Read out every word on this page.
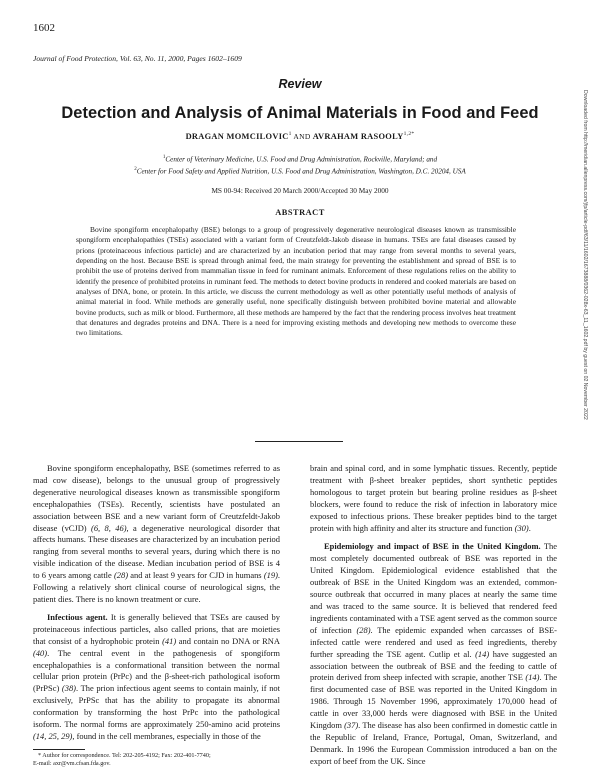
1602
Journal of Food Protection, Vol. 63, No. 11, 2000, Pages 1602–1609
Review
Detection and Analysis of Animal Materials in Food and Feed
DRAGAN MOMCILOVIC$^1$ AND AVRAHAM $RASOOLY^{1,2*}$
$^1$Center of Veterinary Medicine, U.S. Food and Drug Administration, Rockville, Maryland; and
$^2$Center for Food Safety and Applied Nutrition, U.S. Food and Drug Administration, Washington, D.C. 20204, USA
MS 00-94: Received 20 March 2000/Accepted 30 May 2000
ABSTRACT
Bovine spongiform encephalopathy (BSE) belongs to a group of progressively degenerative neurological diseases known as transmissible spongiform encephalopathies (TSEs) associated with a variant form of Creutzfeldt-Jakob disease in humans. TSEs are fatal diseases caused by prions (proteinaceous infectious particle) and are characterized by an incubation period that may range from several months to several years, depending on the host. Because BSE is spread through animal feed, the main strategy for preventing the establishment and spread of BSE is to prohibit the use of proteins derived from mammalian tissue in feed for ruminant animals. Enforcement of these regulations relies on the ability to identify the presence of prohibited proteins in ruminant feed. The methods to detect bovine products in rendered and cooked materials are based on analyses of DNA, bone, or protein. In this article, we discuss the current methodology as well as other potentially useful methods of analysis of animal material in food. While methods are generally useful, none specifically distinguish between prohibited bovine material and allowable bovine products, such as milk or blood. Furthermore, all these methods are hampered by the fact that the rendering process involves heat treatment that denatures and degrades proteins and DNA. There is a need for improving existing methods and developing new methods to overcome these two limitations.

Bovine spongiform encephalopathy, BSE (sometimes referred to as mad cow disease), belongs to the unusual group of progressively degenerative neurological diseases known as transmissible spongiform encephalopathies (TSEs). Recently, scientists have postulated an association between BSE and a new variant form of Creutzfeldt-Jakob disease (vCJD) (6, 8, 46), a degenerative neurological disorder that affects humans. These diseases are characterized by an incubation period ranging from several months to several years, during which there is no visible indication of the disease. Median incubation period of BSE is 4 to 6 years among cattle (28) and at least 9 years for CJD in humans (19). Following a relatively short clinical course of neurological signs, the patient dies. There is no known treatment or cure.

Infectious agent. It is generally believed that TSEs are caused by proteinaceous infectious particles, also called prions, that are moieties that consist of a hydrophobic protein (41) and contain no DNA or RNA (40). The central event in the pathogenesis of spongiform encephalopathies is a conformational transition between the normal cellular prion protein (PrPc) and the β-sheet-rich pathological isoform (PrPSc) (38). The prion infectious agent seems to contain mainly, if not exclusively, PrPSc that has the ability to propagate its abnormal conformation by transforming the host PrPc into the pathological isoform. The normal forms are approximately 250-amino acid proteins (14, 25, 29), found in the cell membranes, especially in those of the

brain and spinal cord, and in some lymphatic tissues. Recently, peptide treatment with β-sheet breaker peptides, short synthetic peptides homologous to target protein but bearing proline residues as β-sheet blockers, were found to reduce the risk of infection in laboratory mice exposed to infectious prions. These breaker peptides bind to the target protein with high affinity and alter its structure and function (30).

Epidemiology and impact of BSE in the United Kingdom. The most completely documented outbreak of BSE was reported in the United Kingdom. Epidemiological evidence established that the outbreak of BSE in the United Kingdom was an extended, common-source outbreak that occurred in many places at nearly the same time and was traced to the same source. It is believed that rendered feed ingredients contaminated with a TSE agent served as the common source of infection (28). The epidemic expanded when carcasses of BSE-infected cattle were rendered and used as feed ingredients, thereby further spreading the TSE agent. Cutlip et al. (14) have suggested an association between the outbreak of BSE and the feeding to cattle of protein derived from sheep infected with scrapie, another TSE (14). The first documented case of BSE was reported in the United Kingdom in 1986. Through 15 November 1996, approximately 170,000 head of cattle in over 33,000 herds were diagnosed with BSE in the United Kingdom (37). The disease has also been confirmed in domestic cattle in the Republic of Ireland, France, Portugal, Oman, Switzerland, and Denmark. In 1996 the European Commission introduced a ban on the export of beef from the UK. Since

* Author for correspondence. Tel: 202-205-4192; Fax: 202-401-7740;

E-mail: axr@vm.cfsan.fda.gov.

Downloaded from http://meridian.allenpress.com/jfp/article-pdf/63/11/1602/1673888/0362-028x-63_11_1602.pdf by guest on 02 November 2022
